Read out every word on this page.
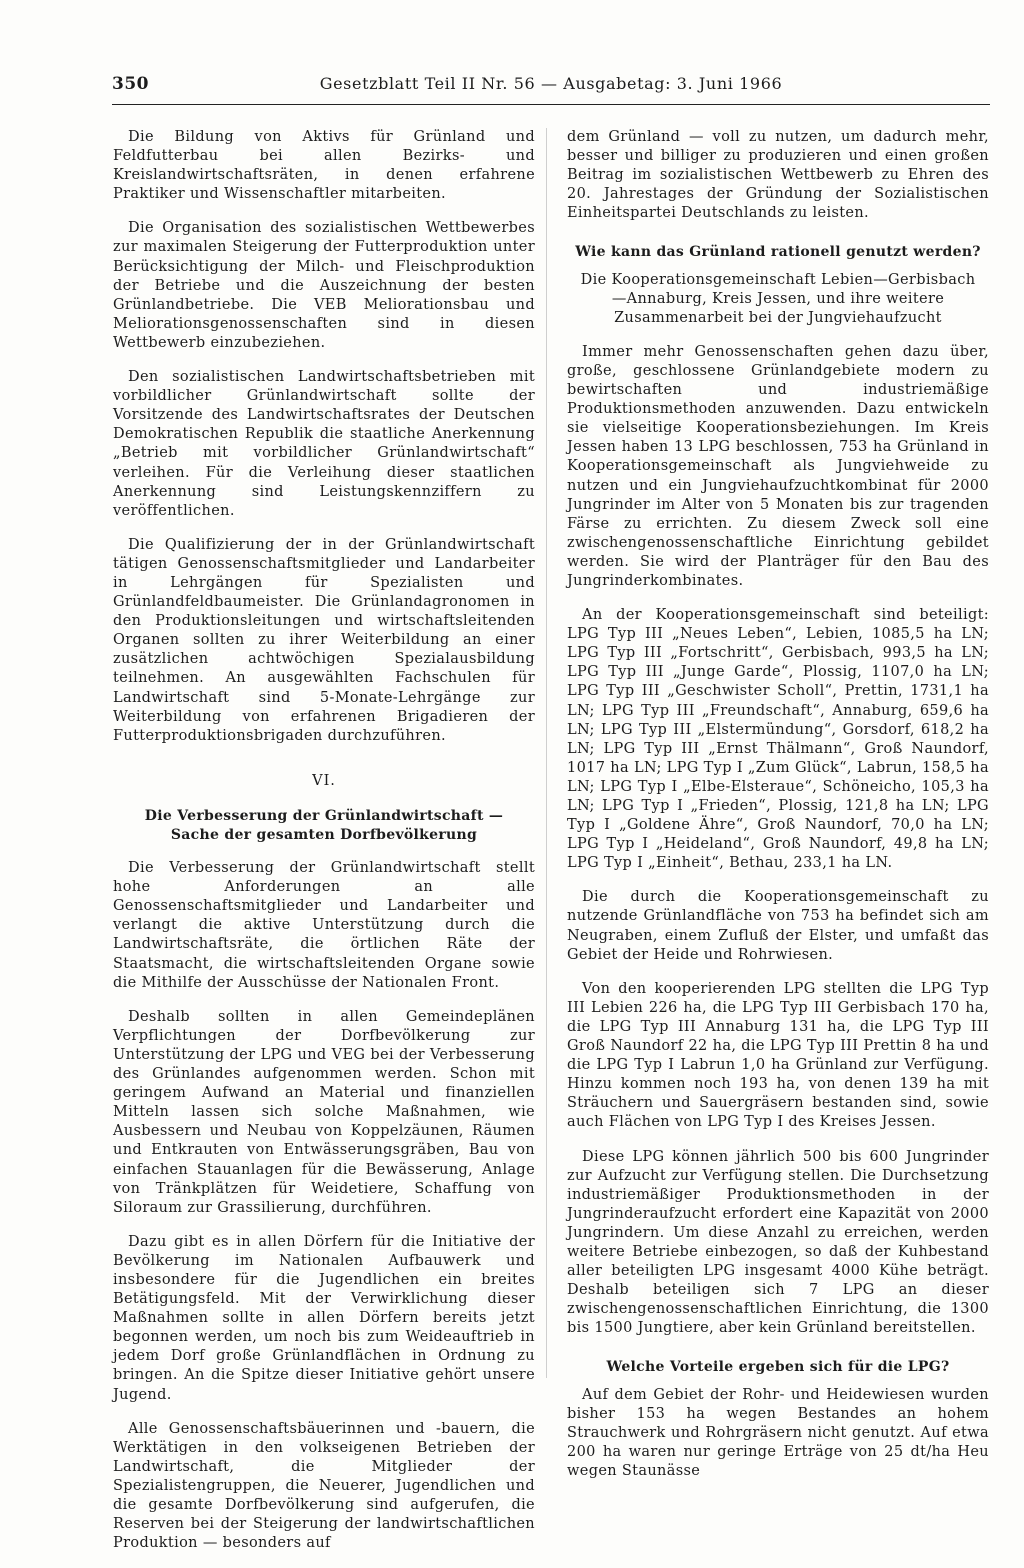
350	Gesetzblatt Teil II Nr. 56 — Ausgabetag: 3. Juni 1966

Die Bildung von Aktivs für Grünland und Feldfutterbau bei allen Bezirks- und Kreislandwirtschaftsräten, in denen erfahrene Praktiker und Wissenschaftler mitarbeiten.

Die Organisation des sozialistischen Wettbewerbes zur maximalen Steigerung der Futterproduktion unter Berücksichtigung der Milch- und Fleischproduktion der Betriebe und die Auszeichnung der besten Grünlandbetriebe. Die VEB Meliorationsbau und Meliorationsgenossenschaften sind in diesen Wettbewerb einzubeziehen.

Den sozialistischen Landwirtschaftsbetrieben mit vorbildlicher Grünlandwirtschaft sollte der Vorsitzende des Landwirtschaftsrates der Deutschen Demokratischen Republik die staatliche Anerkennung „Betrieb mit vorbildlicher Grünlandwirtschaft“ verleihen. Für die Verleihung dieser staatlichen Anerkennung sind Leistungskennziffern zu veröffentlichen.

Die Qualifizierung der in der Grünlandwirtschaft tätigen Genossenschaftsmitglieder und Landarbeiter in Lehrgängen für Spezialisten und Grünlandfeldbaumeister. Die Grünlandagronomen in den Produktionsleitungen und wirtschaftsleitenden Organen sollten zu ihrer Weiterbildung an einer zusätzlichen achtwöchigen Spezialausbildung teilnehmen. An ausgewählten Fachschulen für Landwirtschaft sind 5-Monate-Lehrgänge zur Weiterbildung von erfahrenen Brigadieren der Futterproduktionsbrigaden durchzuführen.

VI.
Die Verbesserung der Grünlandwirtschaft —
Sache der gesamten Dorfbevölkerung

Die Verbesserung der Grünlandwirtschaft stellt hohe Anforderungen an alle Genossenschaftsmitglieder und Landarbeiter und verlangt die aktive Unterstützung durch die Landwirtschaftsräte, die örtlichen Räte der Staatsmacht, die wirtschaftsleitenden Organe sowie die Mithilfe der Ausschüsse der Nationalen Front.

Deshalb sollten in allen Gemeindeplänen Verpflichtungen der Dorfbevölkerung zur Unterstützung der LPG und VEG bei der Verbesserung des Grünlandes aufgenommen werden. Schon mit geringem Aufwand an Material und finanziellen Mitteln lassen sich solche Maßnahmen, wie Ausbessern und Neubau von Koppelzäunen, Räumen und Entkrauten von Entwässerungsgräben, Bau von einfachen Stauanlagen für die Bewässerung, Anlage von Tränkplätzen für Weidetiere, Schaffung von Siloraum zur Grassilierung, durchführen.

Dazu gibt es in allen Dörfern für die Initiative der Bevölkerung im Nationalen Aufbauwerk und insbesondere für die Jugendlichen ein breites Betätigungsfeld. Mit der Verwirklichung dieser Maßnahmen sollte in allen Dörfern bereits jetzt begonnen werden, um noch bis zum Weideauftrieb in jedem Dorf große Grünlandflächen in Ordnung zu bringen. An die Spitze dieser Initiative gehört unsere Jugend.

Alle Genossenschaftsbäuerinnen und -bauern, die Werktätigen in den volkseigenen Betrieben der Landwirtschaft, die Mitglieder der Spezialistengruppen, die Neuerer, Jugendlichen und die gesamte Dorfbevölkerung sind aufgerufen, die Reserven bei der Steigerung der landwirtschaftlichen Produktion — besonders auf

dem Grünland — voll zu nutzen, um dadurch mehr, besser und billiger zu produzieren und einen großen Beitrag im sozialistischen Wettbewerb zu Ehren des 20. Jahrestages der Gründung der Sozialistischen Einheitspartei Deutschlands zu leisten.

Wie kann das Grünland rationell genutzt werden?
Die Kooperationsgemeinschaft Lebien—Gerbisbach—Annaburg, Kreis Jessen, und ihre weitere Zusammenarbeit bei der Jungviehaufzucht

Immer mehr Genossenschaften gehen dazu über, große, geschlossene Grünlandgebiete modern zu bewirtschaften und industriemäßige Produktionsmethoden anzuwenden. Dazu entwickeln sie vielseitige Kooperationsbeziehungen. Im Kreis Jessen haben 13 LPG beschlossen, 753 ha Grünland in Kooperationsgemeinschaft als Jungviehweide zu nutzen und ein Jungviehaufzuchtkombinat für 2000 Jungrinder im Alter von 5 Monaten bis zur tragenden Färse zu errichten. Zu diesem Zweck soll eine zwischengenossenschaftliche Einrichtung gebildet werden. Sie wird der Planträger für den Bau des Jungrinderkombinates.

An der Kooperationsgemeinschaft sind beteiligt: LPG Typ III „Neues Leben“, Lebien, 1085,5 ha LN; LPG Typ III „Fortschritt“, Gerbisbach, 993,5 ha LN; LPG Typ III „Junge Garde“, Plossig, 1107,0 ha LN; LPG Typ III „Geschwister Scholl“, Prettin, 1731,1 ha LN; LPG Typ III „Freundschaft“, Annaburg, 659,6 ha LN; LPG Typ III „Elstermündung“, Gorsdorf, 618,2 ha LN; LPG Typ III „Ernst Thälmann“, Groß Naundorf, 1017 ha LN; LPG Typ I „Zum Glück“, Labrun, 158,5 ha LN; LPG Typ I „Elbe-Elsteraue“, Schöneicho, 105,3 ha LN; LPG Typ I „Frieden“, Plossig, 121,8 ha LN; LPG Typ I „Goldene Ähre“, Groß Naundorf, 70,0 ha LN; LPG Typ I „Heideland“, Groß Naundorf, 49,8 ha LN; LPG Typ I „Einheit“, Bethau, 233,1 ha LN.

Die durch die Kooperationsgemeinschaft zu nutzende Grünlandfläche von 753 ha befindet sich am Neugraben, einem Zufluß der Elster, und umfaßt das Gebiet der Heide und Rohrwiesen.

Von den kooperierenden LPG stellten die LPG Typ III Lebien 226 ha, die LPG Typ III Gerbisbach 170 ha, die LPG Typ III Annaburg 131 ha, die LPG Typ III Groß Naundorf 22 ha, die LPG Typ III Prettin 8 ha und die LPG Typ I Labrun 1,0 ha Grünland zur Verfügung. Hinzu kommen noch 193 ha, von denen 139 ha mit Sträuchern und Sauergräsern bestanden sind, sowie auch Flächen von LPG Typ I des Kreises Jessen.

Diese LPG können jährlich 500 bis 600 Jungrinder zur Aufzucht zur Verfügung stellen. Die Durchsetzung industriemäßiger Produktionsmethoden in der Jungrinderaufzucht erfordert eine Kapazität von 2000 Jungrindern. Um diese Anzahl zu erreichen, werden weitere Betriebe einbezogen, so daß der Kuhbestand aller beteiligten LPG insgesamt 4000 Kühe beträgt. Deshalb beteiligen sich 7 LPG an dieser zwischengenossenschaftlichen Einrichtung, die 1300 bis 1500 Jungtiere, aber kein Grünland bereitstellen.

Welche Vorteile ergeben sich für die LPG?

Auf dem Gebiet der Rohr- und Heidewiesen wurden bisher 153 ha wegen Bestandes an hohem Strauchwerk und Rohrgräsern nicht genutzt. Auf etwa 200 ha waren nur geringe Erträge von 25 dt/ha Heu wegen Staunässe
